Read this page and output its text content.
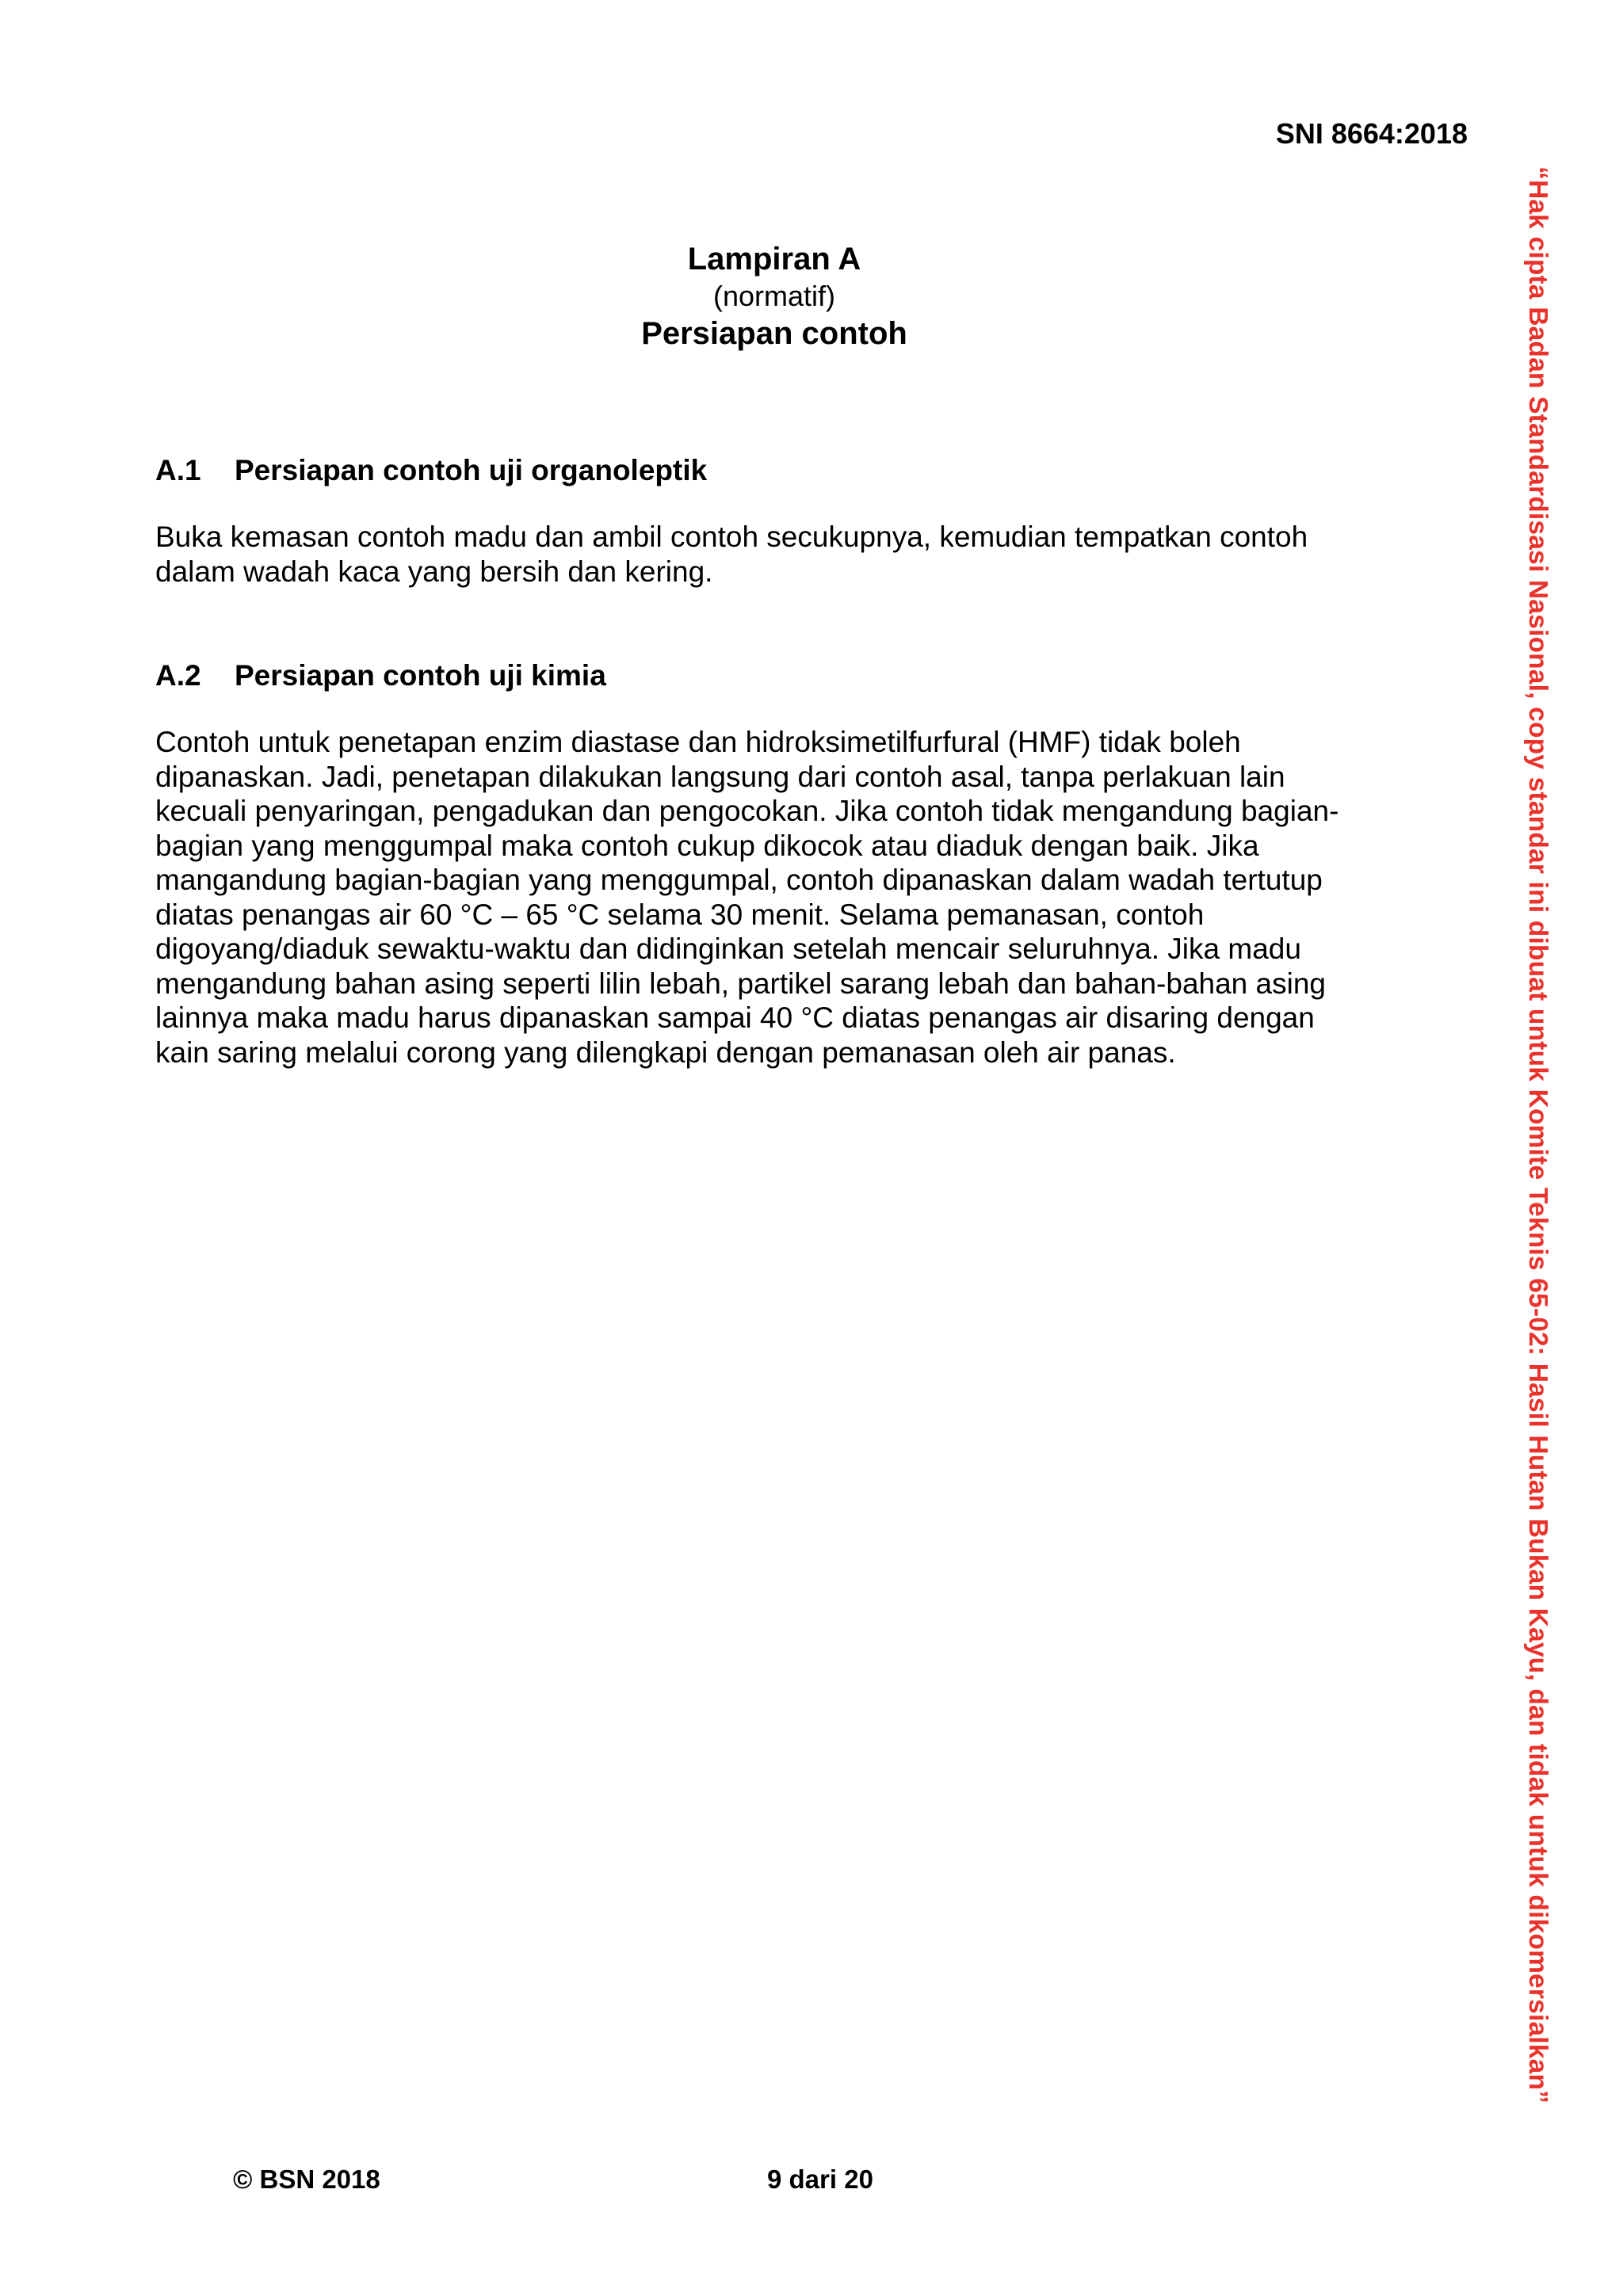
SNI 8664:2018
Lampiran A
(normatif)
Persiapan contoh
A.1 Persiapan contoh uji organoleptik
Buka kemasan contoh madu dan ambil contoh secukupnya, kemudian tempatkan contoh
dalam wadah kaca yang bersih dan kering.
A.2 Persiapan contoh uji kimia
Contoh untuk penetapan enzim diastase dan hidroksimetilfurfural (HMF) tidak boleh
dipanaskan. Jadi, penetapan dilakukan langsung dari contoh asal, tanpa perlakuan lain
kecuali penyaringan, pengadukan dan pengocokan. Jika contoh tidak mengandung bagian-
bagian yang menggumpal maka contoh cukup dikocok atau diaduk dengan baik. Jika
mangandung bagian-bagian yang menggumpal, contoh dipanaskan dalam wadah tertutup
diatas penangas air 60 °C – 65 °C selama 30 menit. Selama pemanasan, contoh
digoyang/diaduk sewaktu-waktu dan didinginkan setelah mencair seluruhnya. Jika madu
mengandung bahan asing seperti lilin lebah, partikel sarang lebah dan bahan-bahan asing
lainnya maka madu harus dipanaskan sampai 40 °C diatas penangas air disaring dengan
kain saring melalui corong yang dilengkapi dengan pemanasan oleh air panas.
© BSN 2018	9 dari 20
“Hak cipta Badan Standardisasi Nasional, copy standar ini dibuat untuk Komite Teknis 65-02: Hasil Hutan Bukan Kayu, dan tidak untuk dikomersialkan”
